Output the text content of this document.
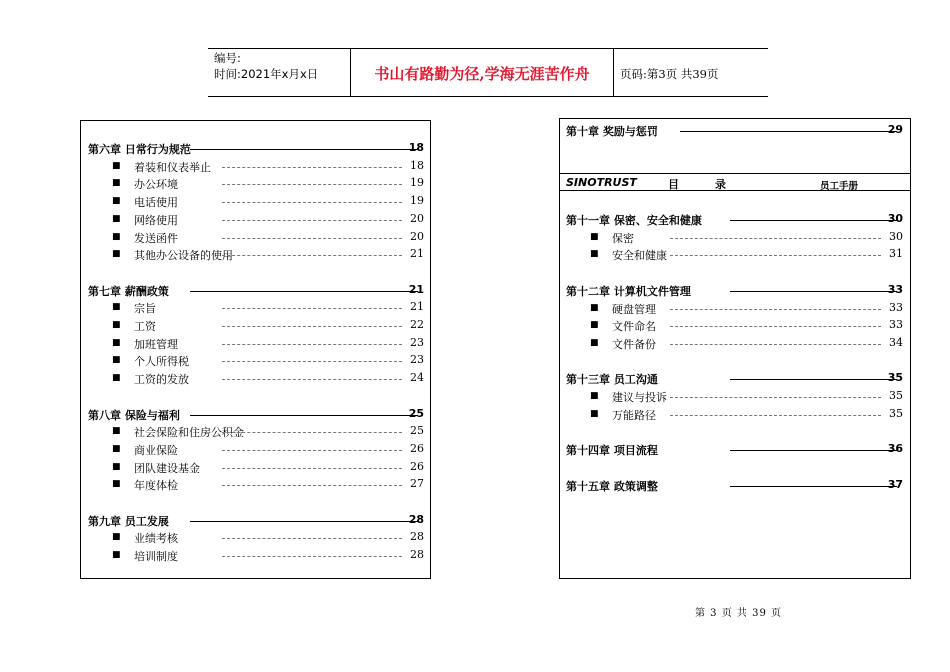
编号:
时间:2021年x月x日	书山有路勤为径,学海无涯苦作舟	页码:第3页 共39页
SINOTRUST	目	录	员工手册
第六章 日常行为规范	18
■ 着装和仪表举止	18
■ 办公环境	19
■ 电话使用	19
■ 网络使用	20
■ 发送函件	20
■ 其他办公设备的使用	21
第七章 薪酬政策	21
■ 宗旨	21
■ 工资	22
■ 加班管理	23
■ 个人所得税	23
■ 工资的发放	24
第八章 保险与福利	25
■ 社会保险和住房公积金	25
■ 商业保险	26
■ 团队建设基金	26
■ 年度体检	27
第九章 员工发展	28
■ 业绩考核	28
■ 培训制度	28
第十章 奖励与惩罚	29
第十一章 保密、安全和健康	30
■ 保密	30
■ 安全和健康	31
第十二章 计算机文件管理	33
■ 硬盘管理	33
■ 文件命名	33
■ 文件备份	34
第十三章 员工沟通	35
■ 建议与投诉	35
■ 万能路径	35
第十四章 项目流程	36
第十五章 政策调整	37
第 3 页 共 39 页
